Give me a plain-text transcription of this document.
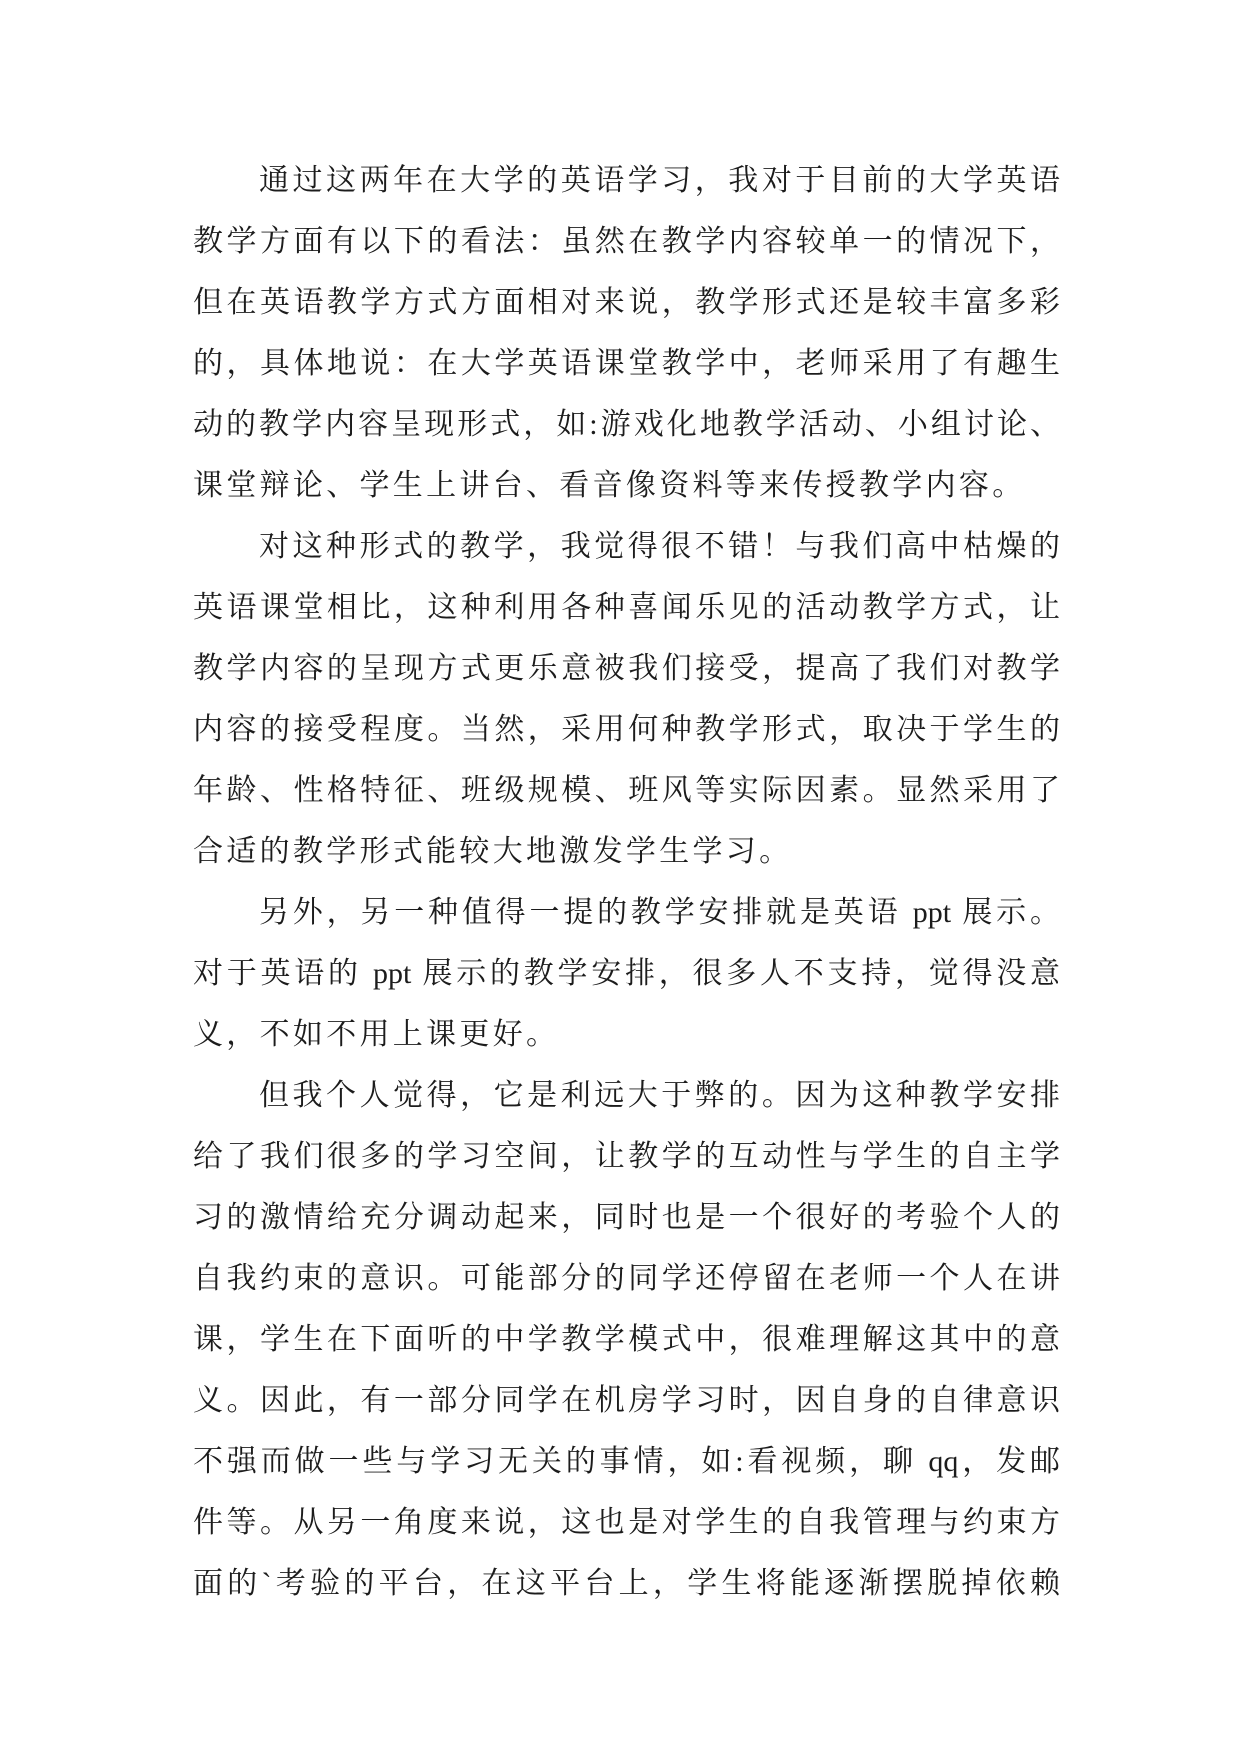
通过这两年在大学的英语学习，我对于目前的大学英语
教学方面有以下的看法：虽然在教学内容较单一的情况下，
但在英语教学方式方面相对来说，教学形式还是较丰富多彩
的，具体地说：在大学英语课堂教学中，老师采用了有趣生
动的教学内容呈现形式，如:游戏化地教学活动、小组讨论、
课堂辩论、学生上讲台、看音像资料等来传授教学内容。
对这种形式的教学，我觉得很不错！与我们高中枯燥的
英语课堂相比，这种利用各种喜闻乐见的活动教学方式，让
教学内容的呈现方式更乐意被我们接受，提高了我们对教学
内容的接受程度。当然，采用何种教学形式，取决于学生的
年龄、性格特征、班级规模、班风等实际因素。显然采用了
合适的教学形式能较大地激发学生学习。
另外，另一种值得一提的教学安排就是英语 ppt 展示。
对于英语的 ppt 展示的教学安排，很多人不支持，觉得没意
义，不如不用上课更好。
但我个人觉得，它是利远大于弊的。因为这种教学安排
给了我们很多的学习空间，让教学的互动性与学生的自主学
习的激情给充分调动起来，同时也是一个很好的考验个人的
自我约束的意识。可能部分的同学还停留在老师一个人在讲
课，学生在下面听的中学教学模式中，很难理解这其中的意
义。因此，有一部分同学在机房学习时，因自身的自律意识
不强而做一些与学习无关的事情，如:看视频，聊 qq，发邮
件等。从另一角度来说，这也是对学生的自我管理与约束方
面的`考验的平台，在这平台上，学生将能逐渐摆脱掉依赖
